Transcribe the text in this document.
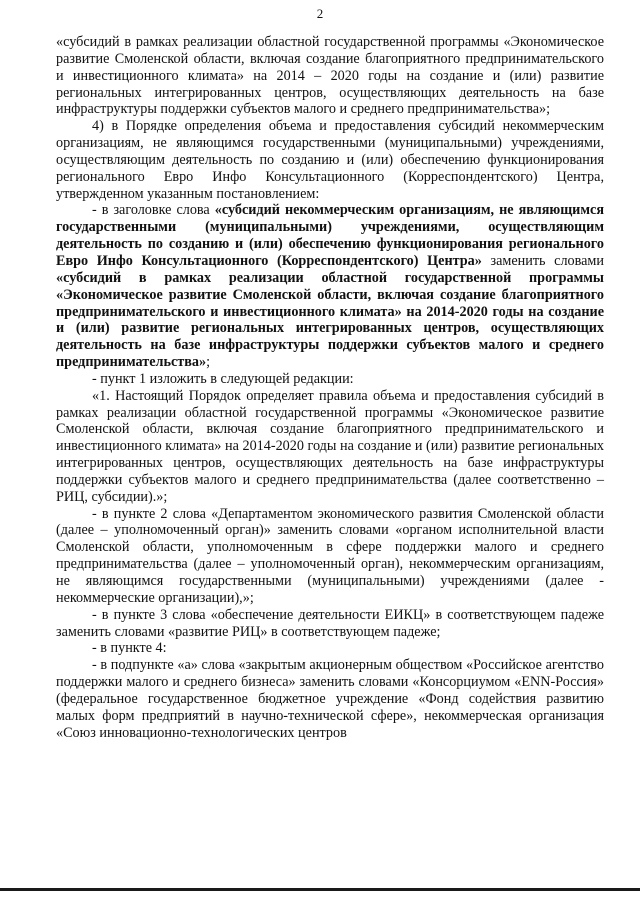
2

«субсидий в рамках реализации областной государственной программы «Экономическое развитие Смоленской области, включая создание благоприятного предпринимательского и инвестиционного климата» на 2014 – 2020 годы на создание и (или) развитие региональных интегрированных центров, осуществляющих деятельность на базе инфраструктуры поддержки субъектов малого и среднего предпринимательства»;

4) в Порядке определения объема и предоставления субсидий некоммерческим организациям, не являющимся государственными (муниципальными) учреждениями, осуществляющим деятельность по созданию и (или) обеспечению функционирования регионального Евро Инфо Консультационного (Корреспондентского) Центра, утвержденном указанным постановлением:

- в заголовке слова «субсидий некоммерческим организациям, не являющимся государственными (муниципальными) учреждениями, осуществляющим деятельность по созданию и (или) обеспечению функционирования регионального Евро Инфо Консультационного (Корреспондентского) Центра» заменить словами «субсидий в рамках реализации областной государственной программы «Экономическое развитие Смоленской области, включая создание благоприятного предпринимательского и инвестиционного климата» на 2014-2020 годы на создание и (или) развитие региональных интегрированных центров, осуществляющих деятельность на базе инфраструктуры поддержки субъектов малого и среднего предпринимательства»;

- пункт 1 изложить в следующей редакции:

«1. Настоящий Порядок определяет правила объема и предоставления субсидий в рамках реализации областной государственной программы «Экономическое развитие Смоленской области, включая создание благоприятного предпринимательского и инвестиционного климата» на 2014-2020 годы на создание и (или) развитие региональных интегрированных центров, осуществляющих деятельность на базе инфраструктуры поддержки субъектов малого и среднего предпринимательства (далее соответственно – РИЦ, субсидии).»;

- в пункте 2 слова «Департаментом экономического развития Смоленской области (далее – уполномоченный орган)» заменить словами «органом исполнительной власти Смоленской области, уполномоченным в сфере поддержки малого и среднего предпринимательства (далее – уполномоченный орган), некоммерческим организациям, не являющимся государственными (муниципальными) учреждениями (далее - некоммерческие организации),»;

- в пункте 3 слова «обеспечение деятельности ЕИКЦ» в соответствующем падеже заменить словами «развитие РИЦ» в соответствующем падеже;

- в пункте 4:

- в подпункте «а» слова «закрытым акционерным обществом «Российское агентство поддержки малого и среднего бизнеса» заменить словами «Консорциумом «ENN-Россия» (федеральное государственное бюджетное учреждение «Фонд содействия развитию малых форм предприятий в научно-технической сфере», некоммерческая организация «Союз инновационно-технологических центров
